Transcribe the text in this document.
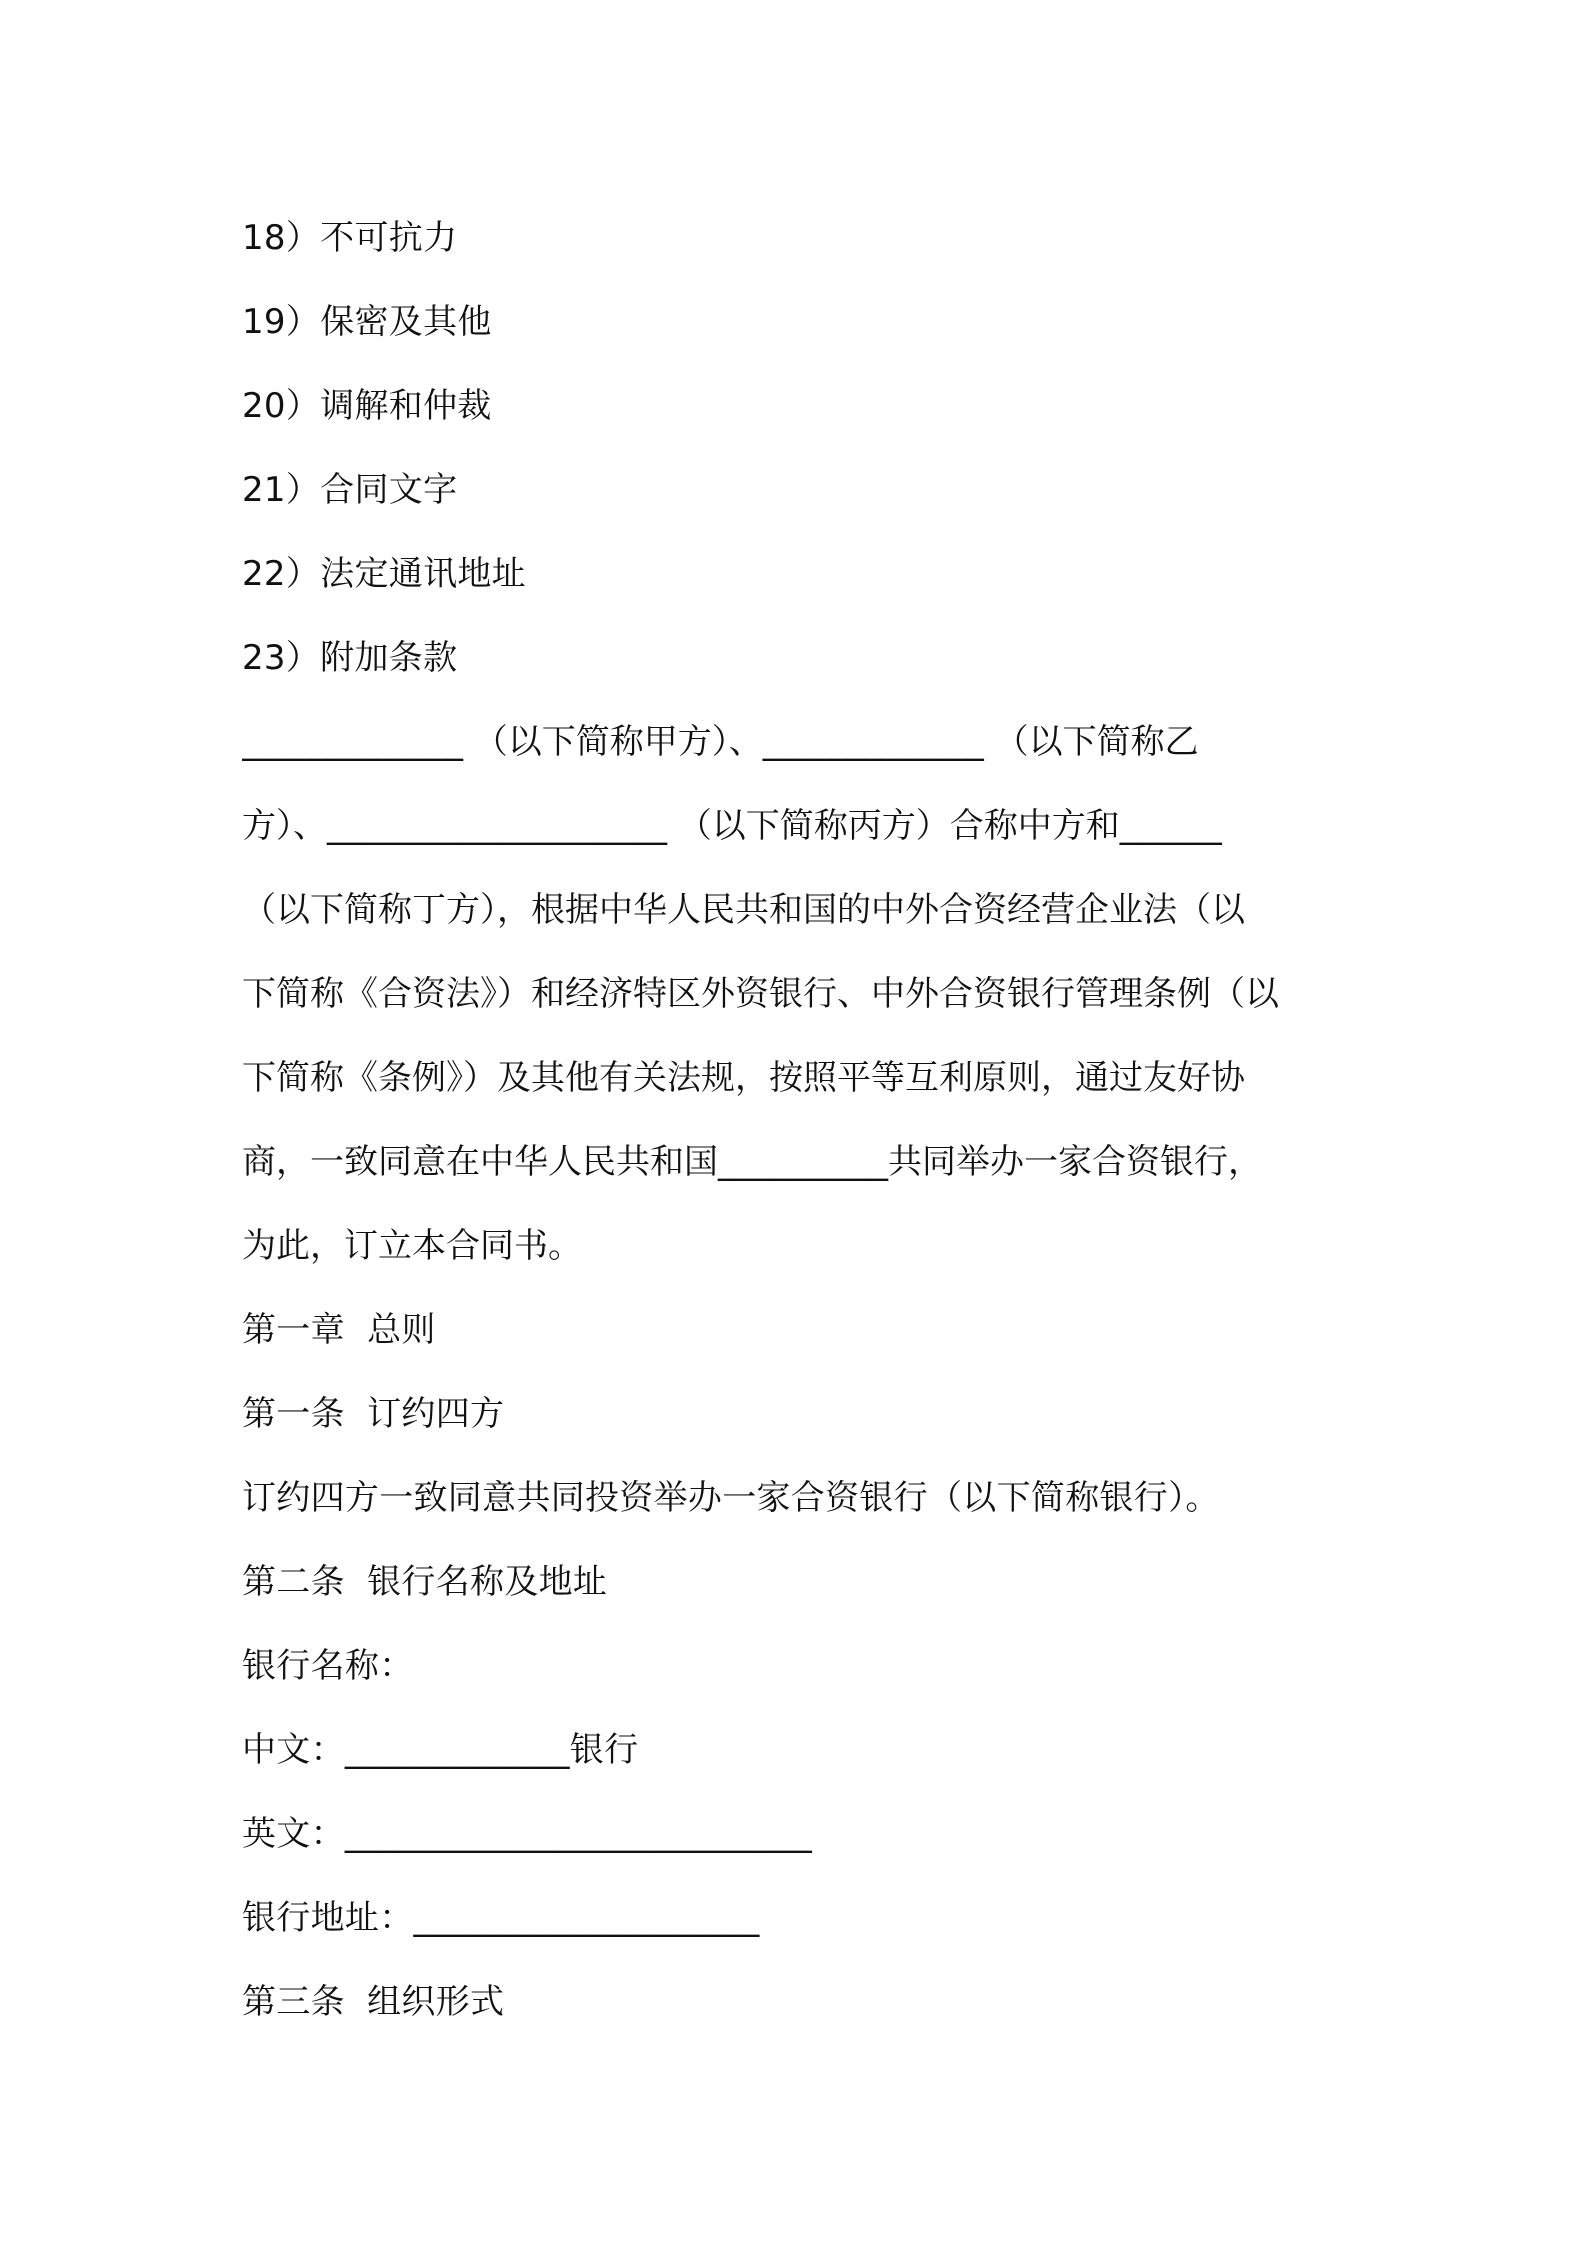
18）不可抗力
19）保密及其他
20）调解和仲裁
21）合同文字
22）法定通讯地址
23）附加条款
_____________ （以下简称甲方）、_____________ （以下简称乙
方）、____________________ （以下简称丙方）合称中方和______
（以下简称丁方），根据中华人民共和国的中外合资经营企业法（以
下简称《合资法》）和经济特区外资银行、中外合资银行管理条例（以
下简称《条例》）及其他有关法规，按照平等互利原则，通过友好协
商，一致同意在中华人民共和国__________共同举办一家合资银行，
为此，订立本合同书。
第一章  总则
第一条  订约四方
订约四方一致同意共同投资举办一家合资银行（以下简称银行）。
第二条  银行名称及地址
银行名称：
中文：_____________银行
英文：___________________________
银行地址：____________________
第三条  组织形式
